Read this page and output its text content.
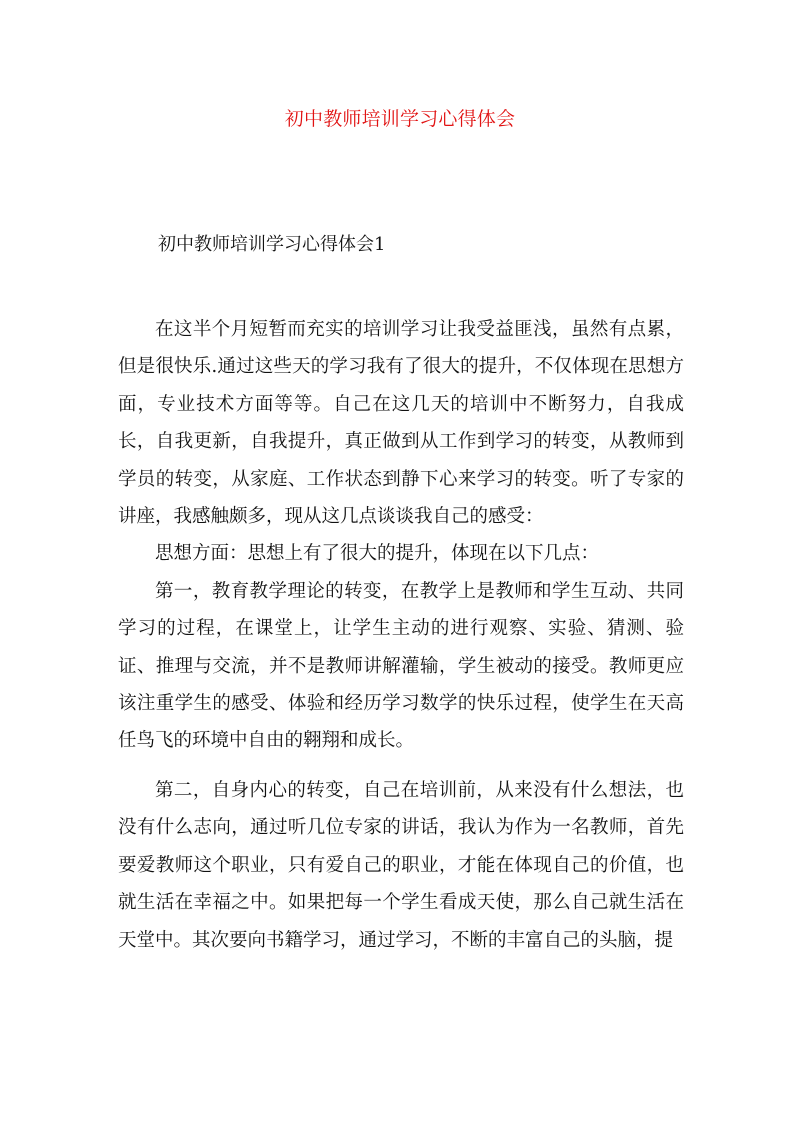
初中教师培训学习心得体会
初中教师培训学习心得体会1

在这半个月短暂而充实的培训学习让我受益匪浅，虽然有点累，但是很快乐.通过这些天的学习我有了很大的提升，不仅体现在思想方面，专业技术方面等等。自己在这几天的培训中不断努力，自我成长，自我更新，自我提升，真正做到从工作到学习的转变，从教师到学员的转变，从家庭、工作状态到静下心来学习的转变。听了专家的讲座，我感触颇多，现从这几点谈谈我自己的感受：

思想方面：思想上有了很大的提升，体现在以下几点：

第一，教育教学理论的转变，在教学上是教师和学生互动、共同学习的过程，在课堂上，让学生主动的进行观察、实验、猜测、验证、推理与交流，并不是教师讲解灌输，学生被动的接受。教师更应该注重学生的感受、体验和经历学习数学的快乐过程，使学生在天高任鸟飞的环境中自由的翱翔和成长。

第二，自身内心的转变，自己在培训前，从来没有什么想法，也没有什么志向，通过听几位专家的讲话，我认为作为一名教师，首先要爱教师这个职业，只有爱自己的职业，才能在体现自己的价值，也就生活在幸福之中。如果把每一个学生看成天使，那么自己就生活在天堂中。其次要向书籍学习，通过学习，不断的丰富自己的头脑，提
